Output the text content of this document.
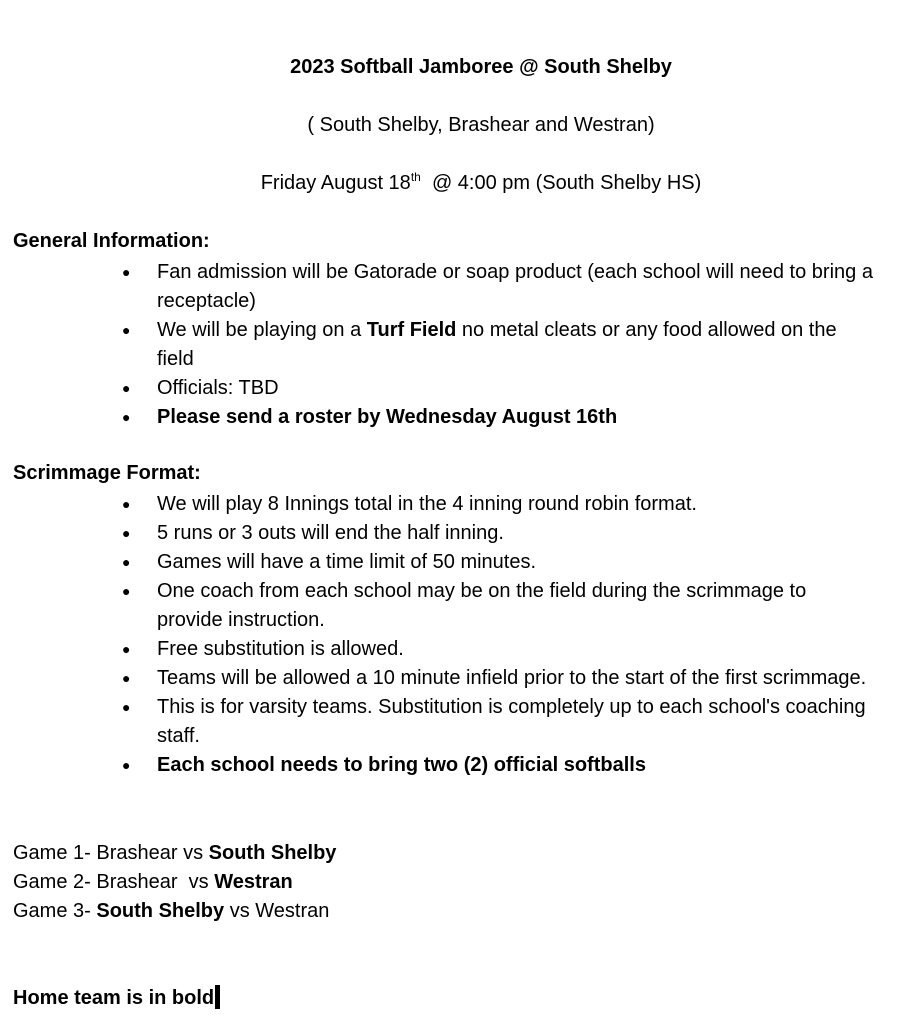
2023 Softball Jamboree @ South Shelby
( South Shelby, Brashear and Westran)
Friday August 18th  @ 4:00 pm (South Shelby HS)
General Information:
● Fan admission will be Gatorade or soap product (each school will need to bring a
receptacle)
● We will be playing on a Turf Field no metal cleats or any food allowed on the
field
● Officials: TBD
● Please send a roster by Wednesday August 16th
Scrimmage Format:
● We will play 8 Innings total in the 4 inning round robin format.
● 5 runs or 3 outs will end the half inning.
● Games will have a time limit of 50 minutes.
● One coach from each school may be on the field during the scrimmage to
provide instruction.
● Free substitution is allowed.
● Teams will be allowed a 10 minute infield prior to the start of the first scrimmage.
● This is for varsity teams. Substitution is completely up to each school's coaching
staff.
● Each school needs to bring two (2) official softballs
Game 1- Brashear vs South Shelby
Game 2- Brashear  vs Westran
Game 3- South Shelby vs Westran
Home team is in bold
